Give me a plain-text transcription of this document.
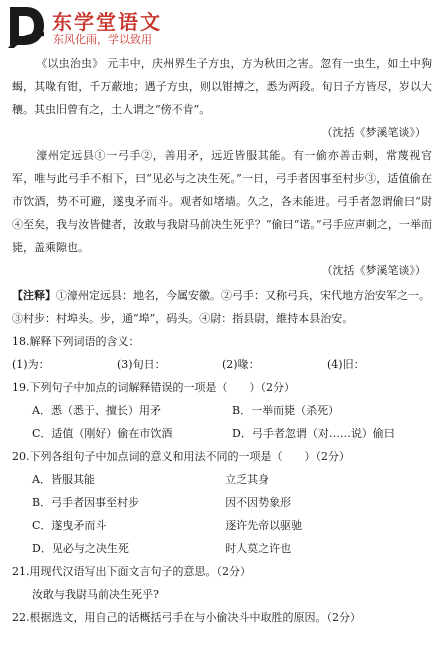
东学堂语文
东风化雨，学以致用

《以虫治虫》 元丰中，庆州界生子方虫，方为秋田之害。忽有一虫生，如土中狗蝎，其喙有钳，千万蔽地；遇子方虫，则以钳搏之，悉为两段。旬日子方皆尽，岁以大穰。其虫旧曾有之，土人谓之“傍不肯”。

（沈括《梦溪笔谈》）

濠州定远县①一弓手②，善用矛，远近皆服其能。有一偷亦善击刺，常蔑视官军，唯与此弓手不相下，曰“见必与之决生死。”一日，弓手者因事至村步③，适值偷在市饮酒，势不可避，遂曳矛而斗。观者如堵墙。久之，各未能进。弓手者忽谓偷曰“尉④至矣，我与汝皆健者，汝敢与我尉马前决生死乎？”偷曰“诺。”弓手应声刺之，一举而毙，盖乘隙也。

（沈括《梦溪笔谈》）

【注释】①濠州定远县：地名，今属安徽。②弓手：又称弓兵，宋代地方治安军之一。③村步：村埠头。步，通“埠”，码头。④尉：指县尉，維持本县治安。

18.解释下列词语的含义：

(1)为：	(3)旬日：	(2)喙：	(4)旧：

19.下列句子中加点的词解释错误的一项是（　　）（2分）

A．悉（悉于、擅长）用矛	B．一举而毙（杀死）
C．适值（刚好）偷在市饮酒	D．弓手者忽谓（对……说）偷曰

20.下列各组句子中加点词的意义和用法不同的一项是（　　）（2分）

A．皆服其能	立乏其身
B．弓手者因事至村步	因不因势象形
C．遂曳矛而斗	逐许先帝以驱驰
D．见必与之决生死	时人莫之许也

21.用现代汉语写出下面文言句子的意思。（2分）

汝敢与我尉马前决生死乎?

22.根据选文，用自己的话概括弓手在与小偷决斗中取胜的原因。（2分）
